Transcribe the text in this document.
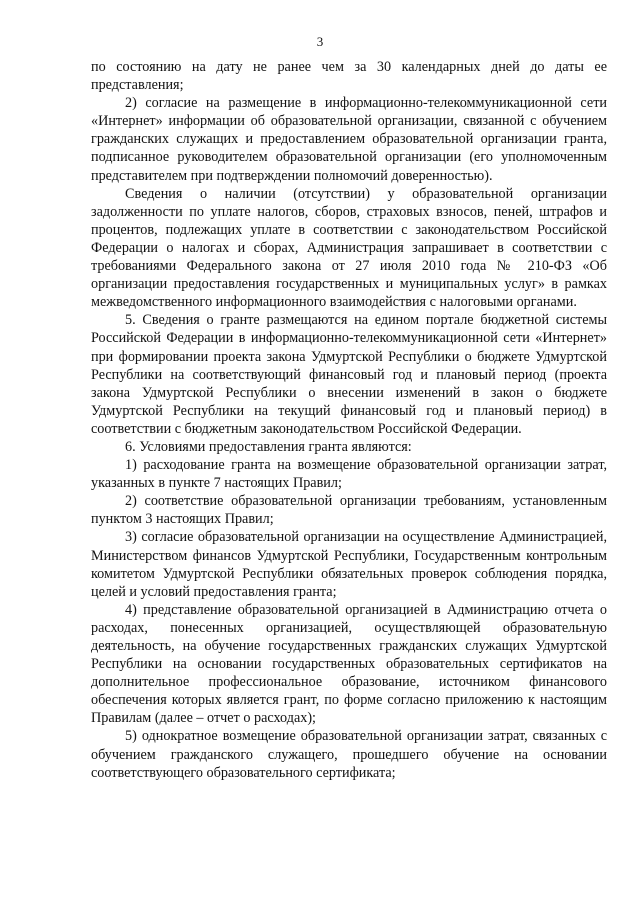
3

по состоянию на дату не ранее чем за 30 календарных дней до даты ее представления;

2) согласие на размещение в информационно-телекоммуникационной сети «Интернет» информации об образовательной организации, связанной с обучением гражданских служащих и предоставлением образовательной организации гранта, подписанное руководителем образовательной организации (его уполномоченным представителем при подтверждении полномочий доверенностью).

Сведения о наличии (отсутствии) у образовательной организации задолженности по уплате налогов, сборов, страховых взносов, пеней, штрафов и процентов, подлежащих уплате в соответствии с законодательством Российской Федерации о налогах и сборах, Администрация запрашивает в соответствии с требованиями Федерального закона от 27 июля 2010 года № 210-ФЗ «Об организации предоставления государственных и муниципальных услуг» в рамках межведомственного информационного взаимодействия с налоговыми органами.

5. Сведения о гранте размещаются на едином портале бюджетной системы Российской Федерации в информационно-телекоммуникационной сети «Интернет» при формировании проекта закона Удмуртской Республики о бюджете Удмуртской Республики на соответствующий финансовый год и плановый период (проекта закона Удмуртской Республики о внесении изменений в закон о бюджете Удмуртской Республики на текущий финансовый год и плановый период) в соответствии с бюджетным законодательством Российской Федерации.

6. Условиями предоставления гранта являются:

1) расходование гранта на возмещение образовательной организации затрат, указанных в пункте 7 настоящих Правил;

2) соответствие образовательной организации требованиям, установленным пунктом 3 настоящих Правил;

3) согласие образовательной организации на осуществление Администрацией, Министерством финансов Удмуртской Республики, Государственным контрольным комитетом Удмуртской Республики обязательных проверок соблюдения порядка, целей и условий предоставления гранта;

4) представление образовательной организацией в Администрацию отчета о расходах, понесенных организацией, осуществляющей образовательную деятельность, на обучение государственных гражданских служащих Удмуртской Республики на основании государственных образовательных сертификатов на дополнительное профессиональное образование, источником финансового обеспечения которых является грант, по форме согласно приложению к настоящим Правилам (далее – отчет о расходах);

5) однократное возмещение образовательной организации затрат, связанных с обучением гражданского служащего, прошедшего обучение на основании соответствующего образовательного сертификата;
